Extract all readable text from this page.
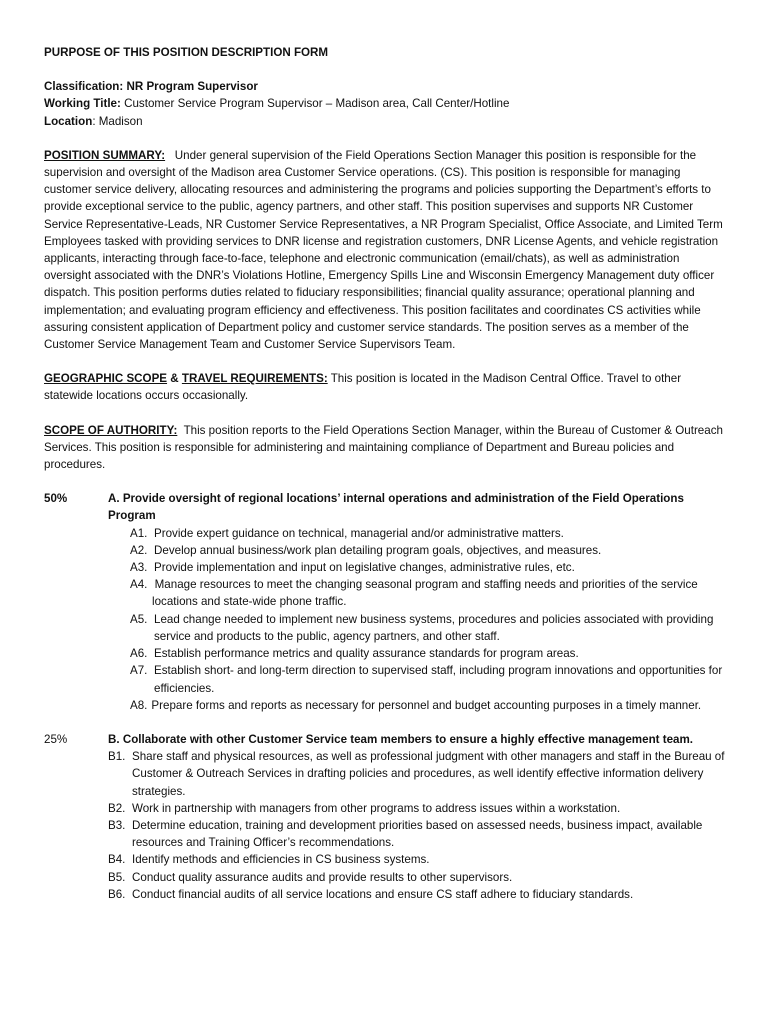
PURPOSE OF THIS POSITION DESCRIPTION FORM
Classification: NR Program Supervisor
Working Title: Customer Service Program Supervisor – Madison area, Call Center/Hotline
Location: Madison
POSITION SUMMARY: Under general supervision of the Field Operations Section Manager this position is responsible for the supervision and oversight of the Madison area Customer Service operations. (CS). This position is responsible for managing customer service delivery, allocating resources and administering the programs and policies supporting the Department’s efforts to provide exceptional service to the public, agency partners, and other staff. This position supervises and supports NR Customer Service Representative-Leads, NR Customer Service Representatives, a NR Program Specialist, Office Associate, and Limited Term Employees tasked with providing services to DNR license and registration customers, DNR License Agents, and vehicle registration applicants, interacting through face-to-face, telephone and electronic communication (email/chats), as well as administration oversight associated with the DNR’s Violations Hotline, Emergency Spills Line and Wisconsin Emergency Management duty officer dispatch. This position performs duties related to fiduciary responsibilities; financial quality assurance; operational planning and implementation; and evaluating program efficiency and effectiveness. This position facilitates and coordinates CS activities while assuring consistent application of Department policy and customer service standards. The position serves as a member of the Customer Service Management Team and Customer Service Supervisors Team.
GEOGRAPHIC SCOPE & TRAVEL REQUIREMENTS: This position is located in the Madison Central Office. Travel to other statewide locations occurs occasionally.
SCOPE OF AUTHORITY: This position reports to the Field Operations Section Manager, within the Bureau of Customer & Outreach Services. This position is responsible for administering and maintaining compliance of Department and Bureau policies and procedures.
50%	A. Provide oversight of regional locations’ internal operations and administration of the Field Operations Program
A1. Provide expert guidance on technical, managerial and/or administrative matters.
A2. Develop annual business/work plan detailing program goals, objectives, and measures.
A3. Provide implementation and input on legislative changes, administrative rules, etc.
A4. Manage resources to meet the changing seasonal program and staffing needs and priorities of the service
locations and state-wide phone traffic.
A5. Lead change needed to implement new business systems, procedures and policies associated with providing service and products to the public, agency partners, and other staff.
A6. Establish performance metrics and quality assurance standards for program areas.
A7. Establish short- and long-term direction to supervised staff, including program innovations and opportunities for efficiencies.
A8. Prepare forms and reports as necessary for personnel and budget accounting purposes in a timely manner.
25%	B. Collaborate with other Customer Service team members to ensure a highly effective management team.
B1. Share staff and physical resources, as well as professional judgment with other managers and staff in the Bureau of Customer & Outreach Services in drafting policies and procedures, as well identify effective information delivery strategies.
B2. Work in partnership with managers from other programs to address issues within a workstation.
B3. Determine education, training and development priorities based on assessed needs, business impact, available resources and Training Officer’s recommendations.
B4. Identify methods and efficiencies in CS business systems.
B5. Conduct quality assurance audits and provide results to other supervisors.
B6. Conduct financial audits of all service locations and ensure CS staff adhere to fiduciary standards.
